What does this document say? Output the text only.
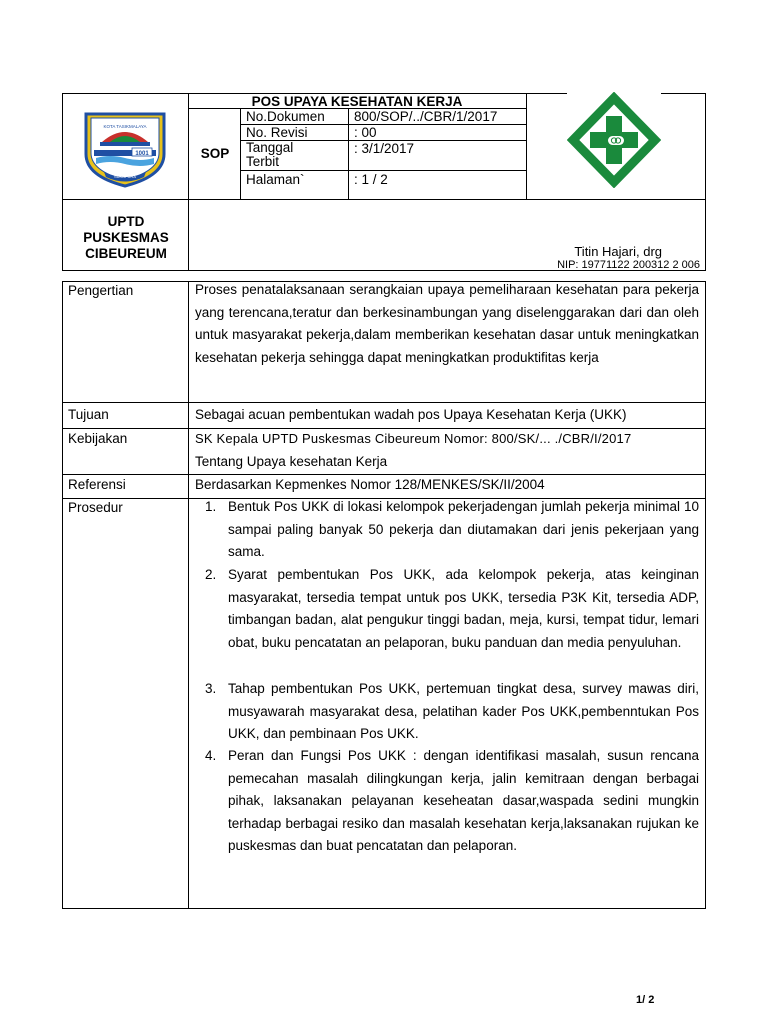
1001
KOTA TASIKMALAYA
SUKAPURA
POS UPAYA KESEHATAN KERJA
SOP
No.Dokumen 800/SOP/../CBR/1/2017
No. Revisi	: 00
Tanggal
Terbit
: 3/1/2017
Halaman`	: 1 / 2
UPTD
PUSKESMAS
CIBEUREUM	Titin Hajari, drg
NIP: 19771122 200312 2 006
Pengertian	Proses penatalaksanaan serangkaian upaya pemeliharaan kesehatan para pekerja yang terencana,teratur dan berkesinambungan yang diselenggarakan dari dan oleh untuk masyarakat pekerja,dalam memberikan kesehatan dasar untuk meningkatkan kesehatan pekerja sehingga dapat meningkatkan produktifitas kerja
Tujuan	Sebagai acuan pembentukan wadah pos Upaya Kesehatan Kerja (UKK)
Kebijakan	SK Kepala UPTD Puskesmas Cibeureum Nomor: 800/SK/... ./CBR/I/2017
Tentang Upaya kesehatan Kerja
Referensi	Berdasarkan Kepmenkes Nomor 128/MENKES/SK/II/2004
Prosedur	1. Bentuk Pos UKK di lokasi kelompok pekerjadengan jumlah pekerja minimal 10 sampai paling banyak 50 pekerja dan diutamakan dari jenis pekerjaan yang sama.
2. Syarat pembentukan Pos UKK, ada kelompok pekerja, atas keinginan masyarakat, tersedia tempat untuk pos UKK, tersedia P3K Kit, tersedia ADP, timbangan badan, alat pengukur tinggi badan, meja, kursi, tempat tidur, lemari obat, buku pencatatan an pelaporan, buku panduan dan media penyuluhan.
3. Tahap pembentukan Pos UKK, pertemuan tingkat desa, survey mawas diri, musyawarah masyarakat desa, pelatihan kader Pos UKK,pembenntukan Pos UKK, dan pembinaan Pos UKK.
4. Peran dan Fungsi Pos UKK : dengan identifikasi masalah, susun rencana pemecahan masalah dilingkungan kerja, jalin kemitraan dengan berbagai pihak, laksanakan pelayanan keseheatan dasar,waspada sedini mungkin terhadap berbagai resiko dan masalah kesehatan kerja,laksanakan rujukan ke puskesmas dan buat pencatatan dan pelaporan.
1/ 2
